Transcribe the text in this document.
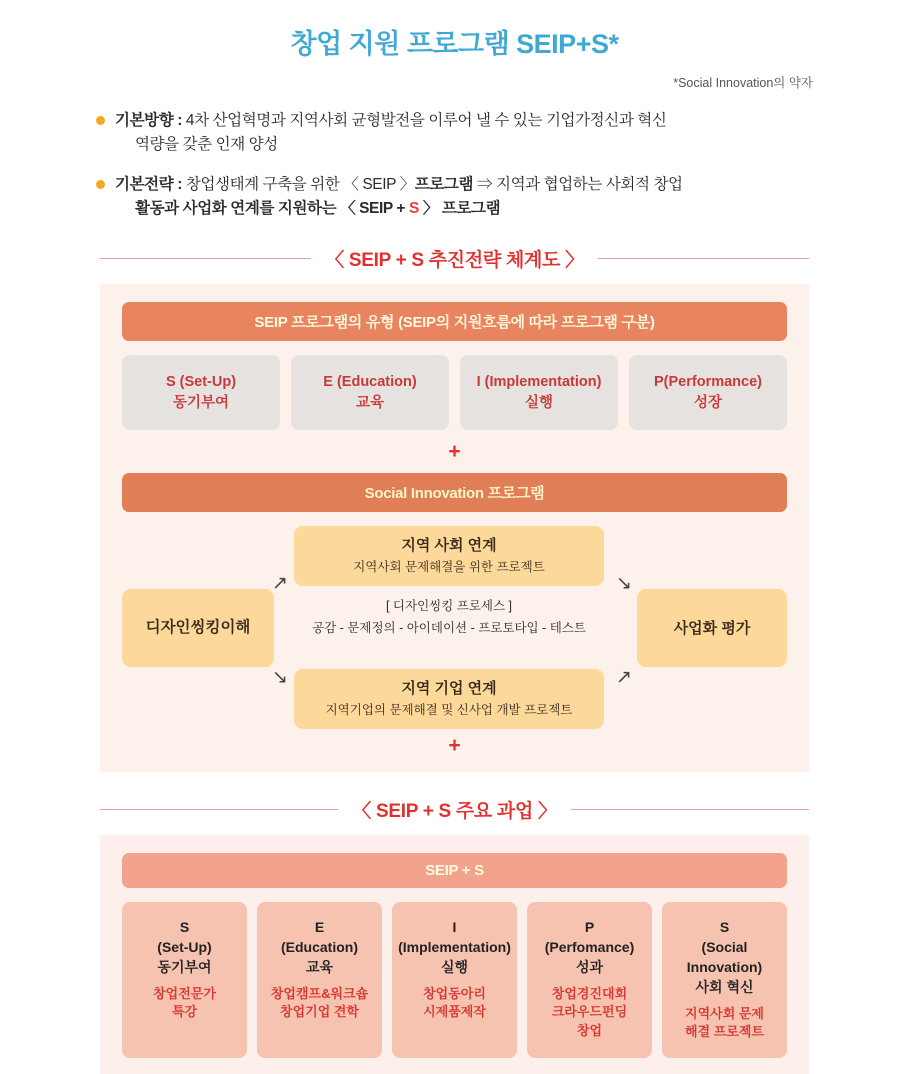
창업 지원 프로그램 SEIP+S*
*Social Innovation의 약자
기본방향 : 4차 산업혁명과 지역사회 균형발전을 이루어 낼 수 있는 기업가정신과 혁신
역량을 갖춘 인재 양성
기본전략 : 창업생태계 구축을 위한 〈 SEIP 〉프로그램 ⇒ 지역과 협업하는 사회적 창업
활동과 사업화 연계를 지원하는 〈 SEIP + S 〉 프로그램
〈 SEIP + S 추진전략 체계도 〉
SEIP 프로그램의 유형 (SEIP의 지원흐름에 따라 프로그램 구분)
S (Set-Up)
동기부여
E (Education)
교육
I (Implementation)
실행
P(Performance)
성장
+
Social Innovation 프로그램
디자인씽킹이해
지역 사회 연계
지역사회 문제해결을 위한 프로젝트
지역 기업 연계
지역기업의 문제해결 및 신사업 개발 프로젝트
사업화 평가
[ 디자인씽킹 프로세스 ]
공감 - 문제정의 - 아이데이션 - 프로토타입 - 테스트
↗
↘
↘
↗
+
〈 SEIP + S 주요 과업 〉
SEIP + S
S
(Set-Up)
동기부여
창업전문가
특강
E
(Education)
교육
창업캠프&워크숍
창업기업 견학
I
(Implementation)
실행
창업동아리
시제품제작
P
(Perfomance)
성과
창업경진대회
크라우드펀딩
창업
S
(Social Innovation)
사회 혁신
지역사회 문제
해결 프로젝트
